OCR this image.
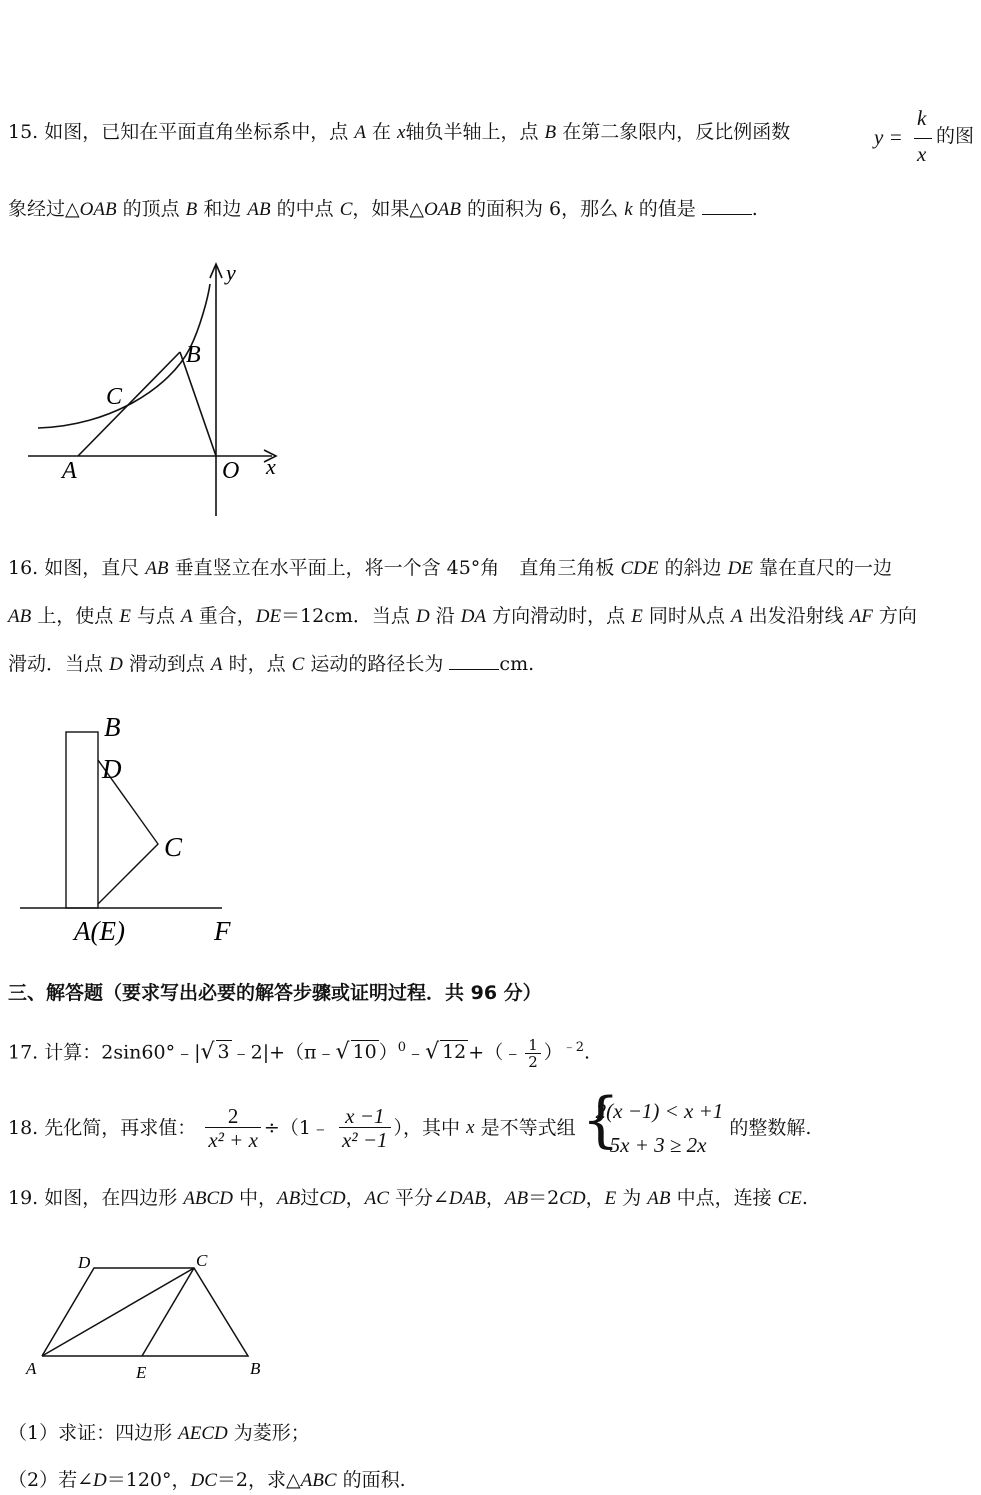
15. 如图，已知在平面直角坐标系中，点 A 在 x轴负半轴上，点 B 在第二象限内，反比例函数	y =
k
x
的图
象经过△OAB 的顶点 B 和边 AB 的中点 C，如果△OAB 的面积为 6，那么 k 的值是	.
y
B
C
A	O x
16. 如图，直尺 AB 垂直竖立在水平面上，将一个含 45°角 直角三角板 CDE 的斜边 DE 靠在直尺的一边
AB 上，使点 E 与点 A 重合，DE＝12cm．当点 D 沿 DA 方向滑动时，点 E 同时从点 A 出发沿射线 AF 方向
滑动．当点 D 滑动到点 A 时，点 C 运动的路径长为	cm.
B
D
C
A(E)	F
三、解答题（要求写出必要的解答步骤或证明过程．共 96 分）
17. 计算：2sin60°﹣|√ 3 ﹣2|+（π﹣√ 10 ）$^0$﹣√ 12 +（﹣ $\frac{1}{2} )^{﹣2}$.
18. 先化简，再求值： $\frac{2}{\text{x² + x}}$ ÷（1﹣ $\frac{x -1}{\text{x² −1}}$ ），其中 x 是不等式组 {
2(x −1) < x +1
5x + 3 ≥ 2x
的整数解.
19. 如图，在四边形 ABCD 中，AB过CD，AC 平分∠DAB，AB＝2CD，E 为 AB 中点，连接 CE.
D	C
A	E	B
（1）求证：四边形 AECD 为菱形；
（2）若∠D＝120°，DC＝2，求△ABC 的面积.
